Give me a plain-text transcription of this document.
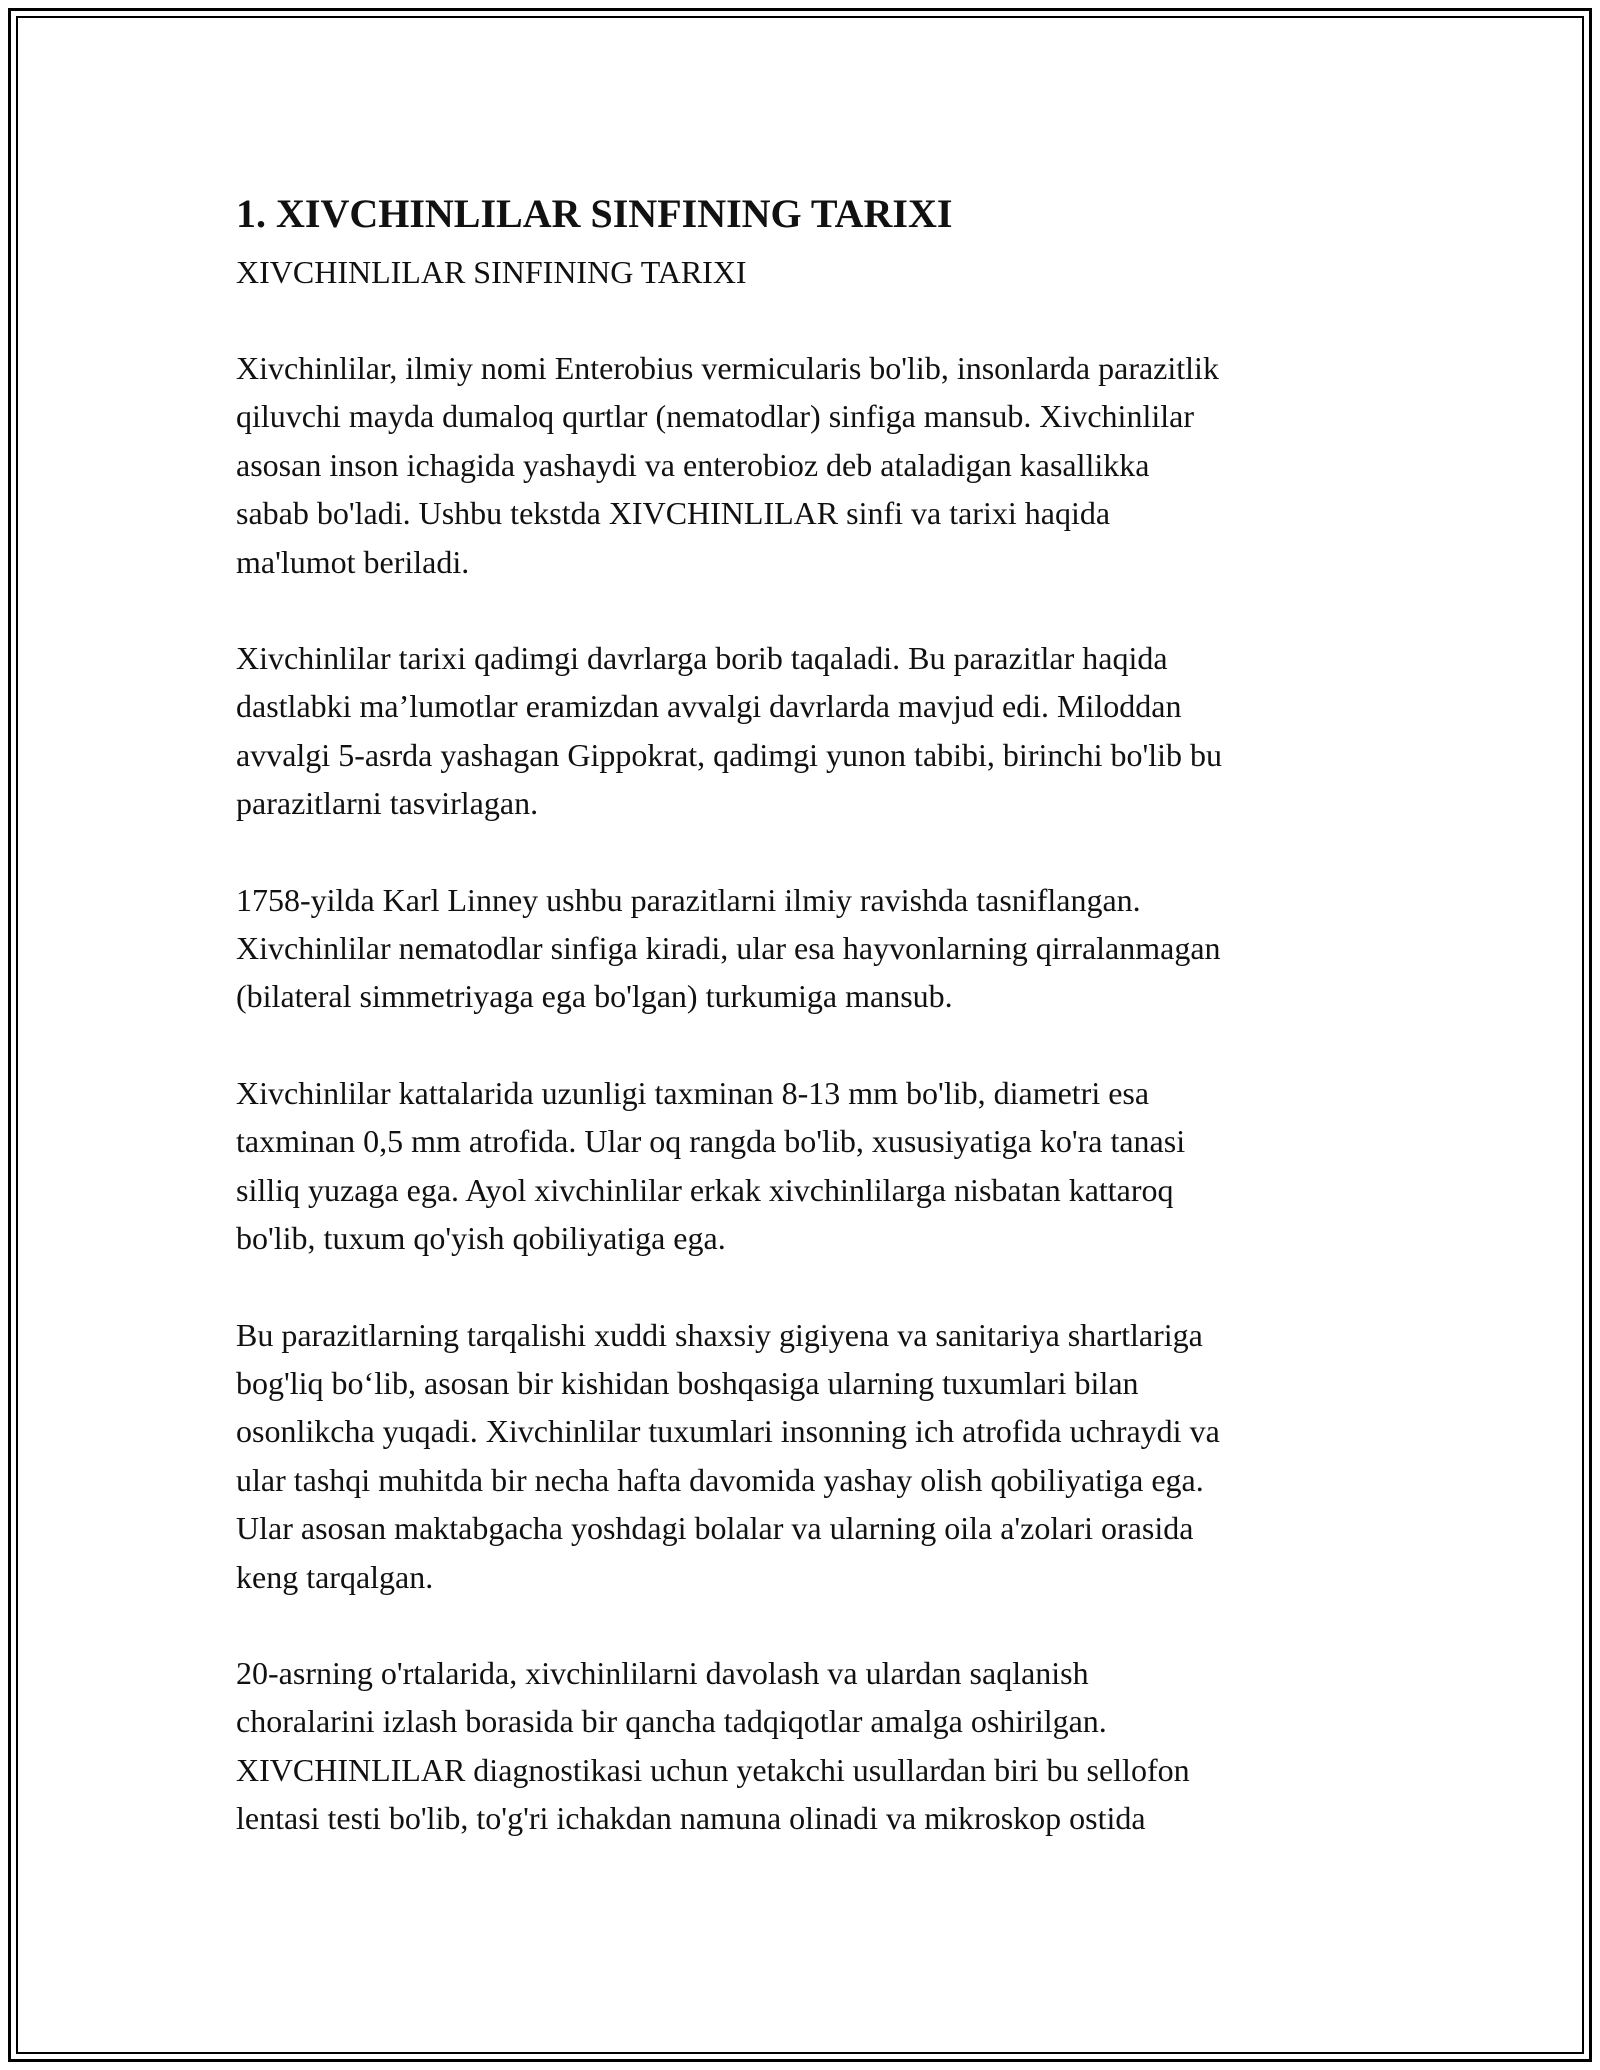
1. XIVCHINLILAR SINFINING TARIXI

XIVCHINLILAR SINFINING TARIXI

Xivchinlilar, ilmiy nomi Enterobius vermicularis bo'lib, insonlarda parazitlik
qiluvchi mayda dumaloq qurtlar (nematodlar) sinfiga mansub. Xivchinlilar
asosan inson ichagida yashaydi va enterobioz deb ataladigan kasallikka
sabab bo'ladi. Ushbu tekstda XIVCHINLILAR sinfi va tarixi haqida
ma'lumot beriladi.

Xivchinlilar tarixi qadimgi davrlarga borib taqaladi. Bu parazitlar haqida
dastlabki ma’lumotlar eramizdan avvalgi davrlarda mavjud edi. Miloddan
avvalgi 5-asrda yashagan Gippokrat, qadimgi yunon tabibi, birinchi bo'lib bu
parazitlarni tasvirlagan.

1758-yilda Karl Linney ushbu parazitlarni ilmiy ravishda tasniflangan.
Xivchinlilar nematodlar sinfiga kiradi, ular esa hayvonlarning qirralanmagan
(bilateral simmetriyaga ega bo'lgan) turkumiga mansub.

Xivchinlilar kattalarida uzunligi taxminan 8-13 mm bo'lib, diametri esa
taxminan 0,5 mm atrofida. Ular oq rangda bo'lib, xususiyatiga ko'ra tanasi
silliq yuzaga ega. Ayol xivchinlilar erkak xivchinlilarga nisbatan kattaroq
bo'lib, tuxum qo'yish qobiliyatiga ega.

Bu parazitlarning tarqalishi xuddi shaxsiy gigiyena va sanitariya shartlariga
bog'liq bo‘lib, asosan bir kishidan boshqasiga ularning tuxumlari bilan
osonlikcha yuqadi. Xivchinlilar tuxumlari insonning ich atrofida uchraydi va
ular tashqi muhitda bir necha hafta davomida yashay olish qobiliyatiga ega.
Ular asosan maktabgacha yoshdagi bolalar va ularning oila a'zolari orasida
keng tarqalgan.

20-asrning o'rtalarida, xivchinlilarni davolash va ulardan saqlanish
choralarini izlash borasida bir qancha tadqiqotlar amalga oshirilgan.
XIVCHINLILAR diagnostikasi uchun yetakchi usullardan biri bu sellofon
lentasi testi bo'lib, to'g'ri ichakdan namuna olinadi va mikroskop ostida
